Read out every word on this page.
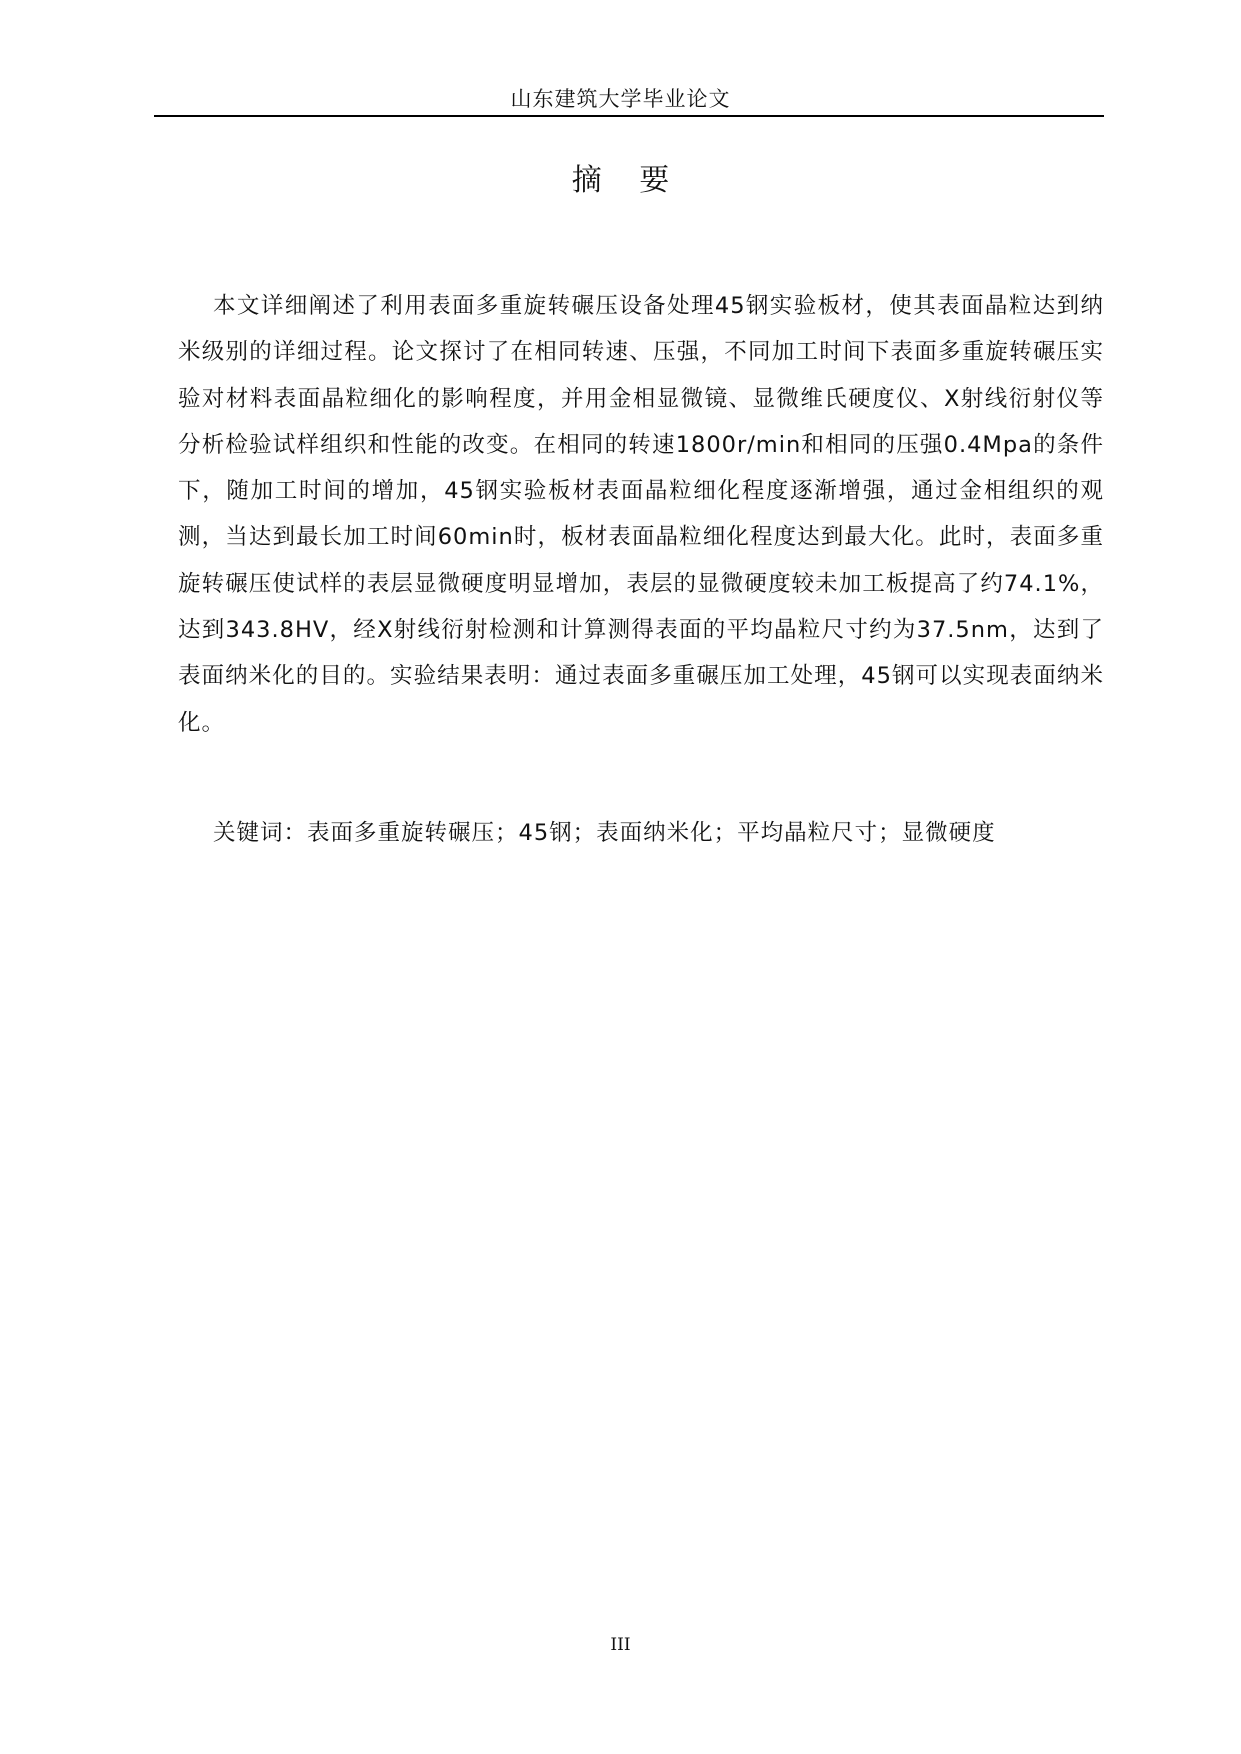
山东建筑大学毕业论文
摘 要

本文详细阐述了利用表面多重旋转碾压设备处理45钢实验板材，使其表面晶粒达到纳米级别的详细过程。论文探讨了在相同转速、压强，不同加工时间下表面多重旋转碾压实验对材料表面晶粒细化的影响程度，并用金相显微镜、显微维氏硬度仪、X射线衍射仪等分析检验试样组织和性能的改变。在相同的转速1800r/min和相同的压强0.4Mpa的条件下，随加工时间的增加，45钢实验板材表面晶粒细化程度逐渐增强，通过金相组织的观测，当达到最长加工时间60min时，板材表面晶粒细化程度达到最大化。此时，表面多重旋转碾压使试样的表层显微硬度明显增加，表层的显微硬度较未加工板提高了约74.1%，达到343.8HV，经X射线衍射检测和计算测得表面的平均晶粒尺寸约为37.5nm，达到了表面纳米化的目的。实验结果表明：通过表面多重碾压加工处理，45钢可以实现表面纳米化。

关键词：表面多重旋转碾压；45钢；表面纳米化；平均晶粒尺寸；显微硬度

III
